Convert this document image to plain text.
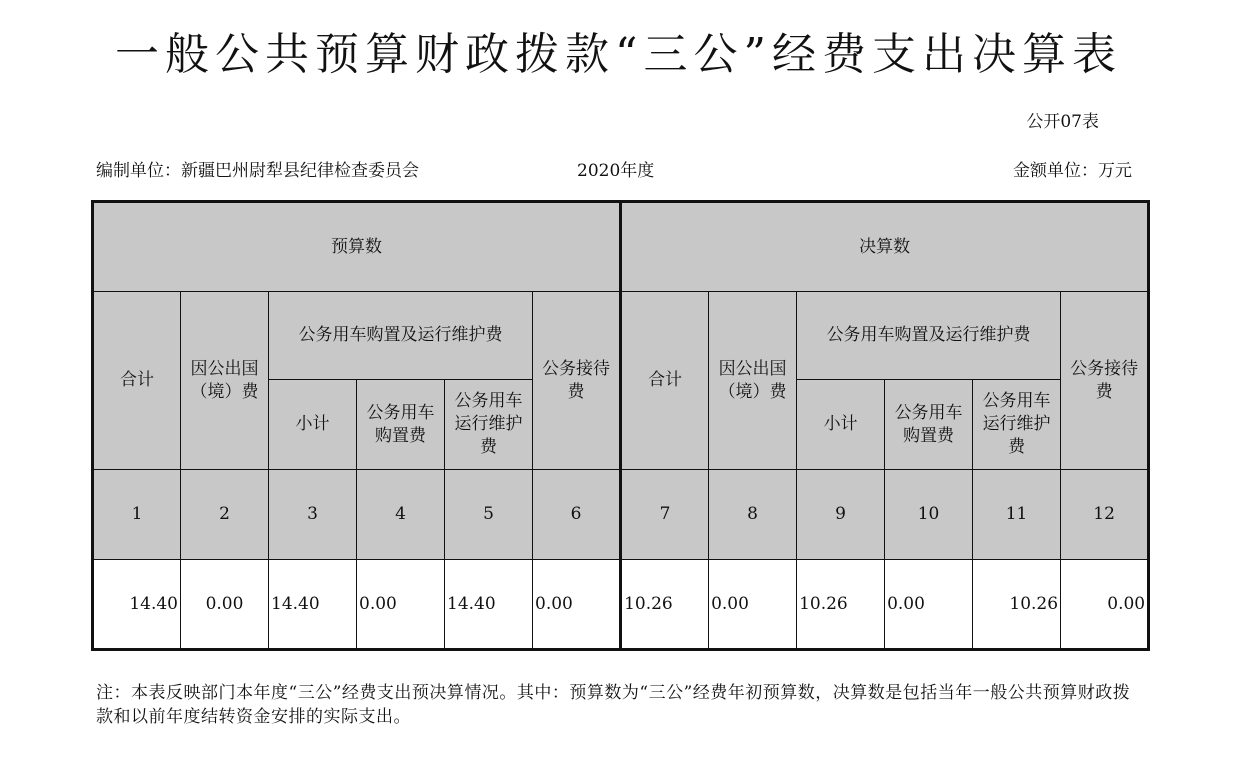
一般公共预算财政拨款“三公”经费支出决算表
公开07表
编制单位：新疆巴州尉犁县纪律检查委员会	2020年度	金额单位：万元
预算数						决算数					
合计	因公出国（境）费	公务用车购置及运行维护费			公务接待费	合计	因公出国（境）费	公务用车购置及运行维护费			公务接待费
		小计	公务用车购置费	公务用车运行维护费				小计	公务用车购置费	公务用车运行维护费	
1	2	3	4	5	6	7	8	9	10	11	12
14.40	0.00	14.40	0.00	14.40	0.00	10.26	0.00	10.26	0.00	10.26	0.00
注：本表反映部门本年度“三公”经费支出预决算情况。其中：预算数为“三公”经费年初预算数，决算数是包括当年一般公共预算财政拨款和以前年度结转资金安排的实际支出。
